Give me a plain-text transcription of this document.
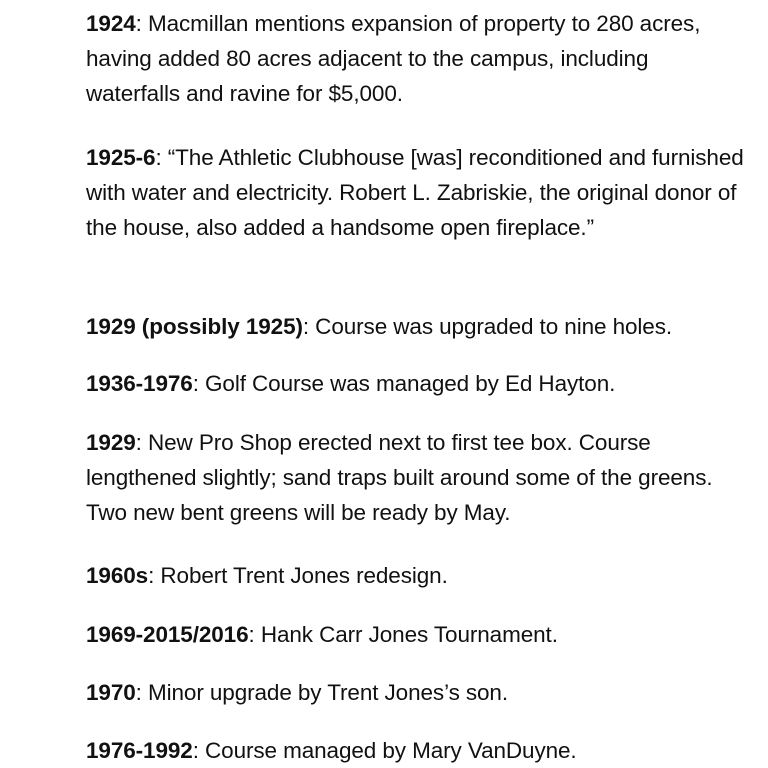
1924: Macmillan mentions expansion of property to 280 acres, having added 80 acres adjacent to the campus, including waterfalls and ravine for $5,000.

1925-6: “The Athletic Clubhouse [was] reconditioned and furnished with water and electricity. Robert L. Zabriskie, the original donor of the house, also added a handsome open fireplace.”

1929 (possibly 1925): Course was upgraded to nine holes.

1936-1976: Golf Course was managed by Ed Hayton.

1929: New Pro Shop erected next to first tee box. Course lengthened slightly; sand traps built around some of the greens. Two new bent greens will be ready by May.

1960s: Robert Trent Jones redesign.

1969-2015/2016: Hank Carr Jones Tournament.

1970: Minor upgrade by Trent Jones’s son.

1976-1992: Course managed by Mary VanDuyne.
